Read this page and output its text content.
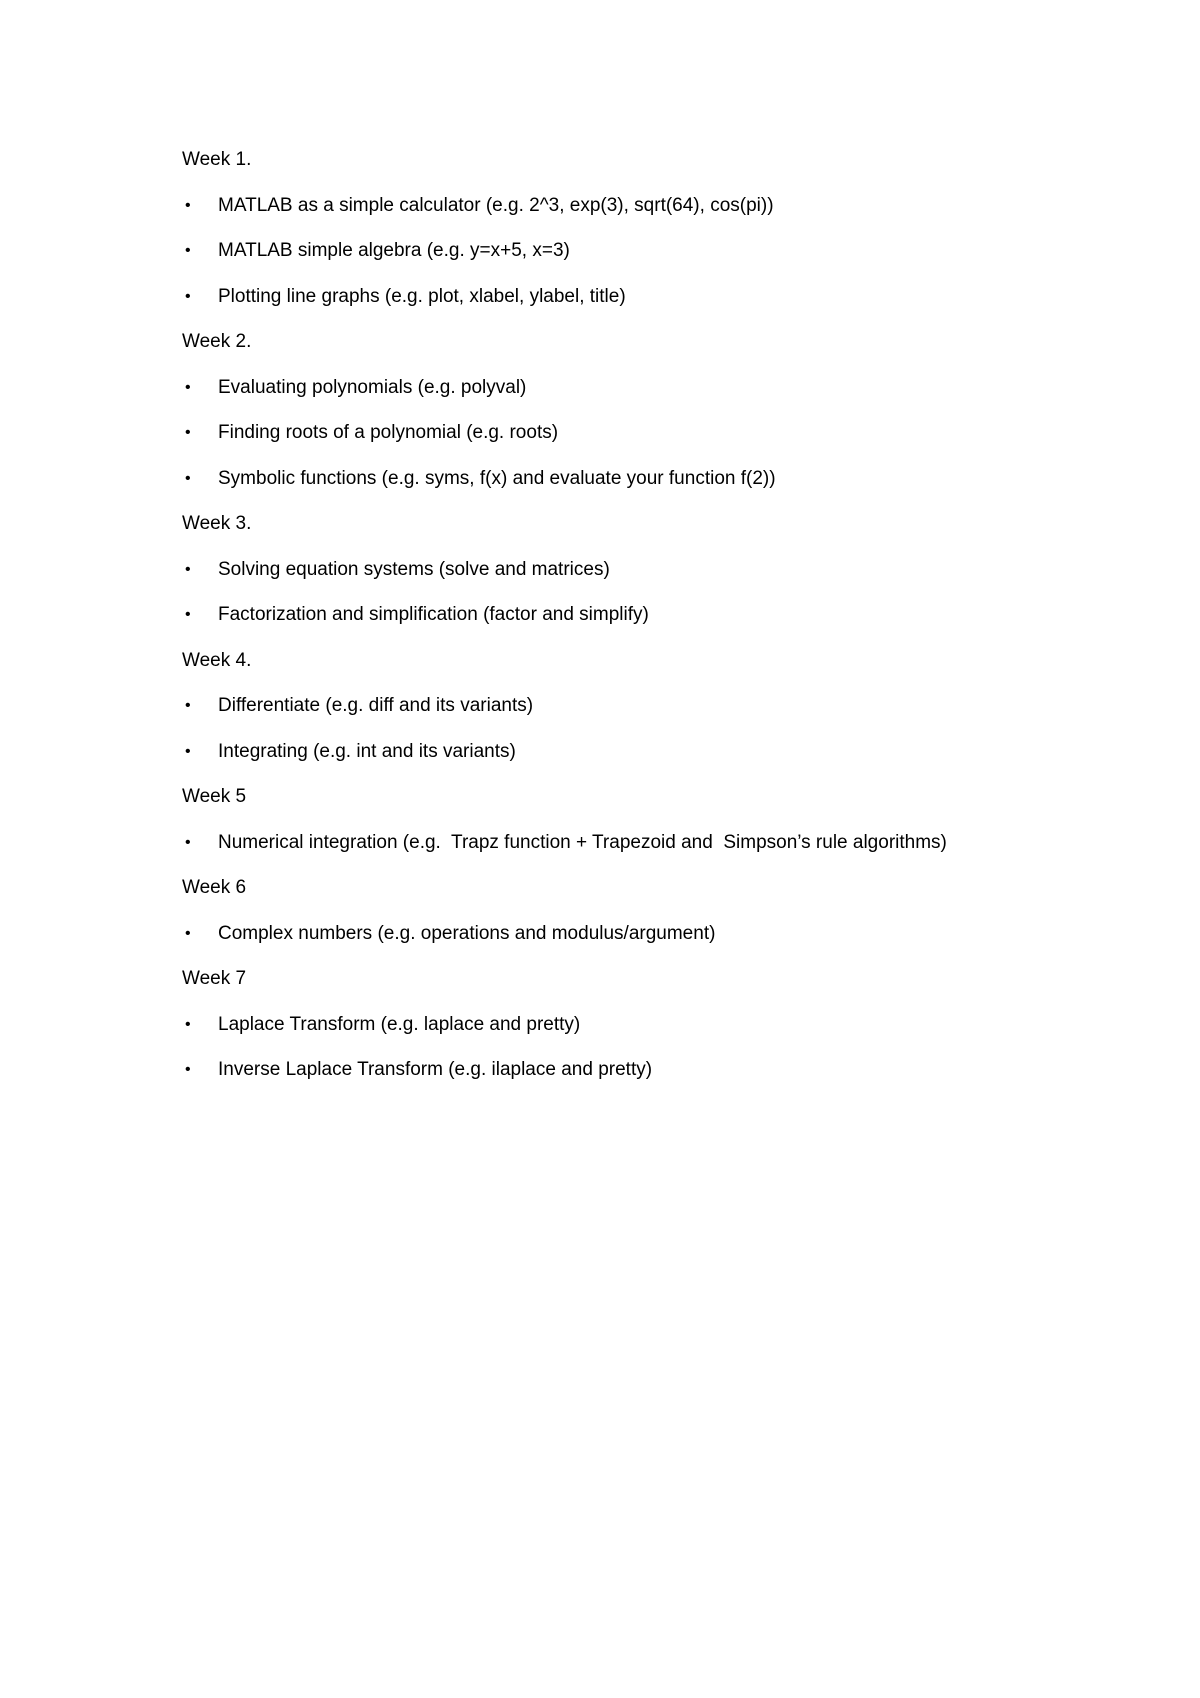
Week 1.
• MATLAB as a simple calculator (e.g. 2^3, exp(3), sqrt(64), cos(pi))
• MATLAB simple algebra (e.g. y=x+5, x=3)
• Plotting line graphs (e.g. plot, xlabel, ylabel, title)
Week 2.
• Evaluating polynomials (e.g. polyval)
• Finding roots of a polynomial (e.g. roots)
• Symbolic functions (e.g. syms, f(x) and evaluate your function f(2))
Week 3.
• Solving equation systems (solve and matrices)
• Factorization and simplification (factor and simplify)
Week 4.
• Differentiate (e.g. diff and its variants)
• Integrating (e.g. int and its variants)
Week 5
• Numerical integration (e.g.  Trapz function + Trapezoid and  Simpson’s rule algorithms)
Week 6
• Complex numbers (e.g. operations and modulus/argument)
Week 7
• Laplace Transform (e.g. laplace and pretty)
• Inverse Laplace Transform (e.g. ilaplace and pretty)
